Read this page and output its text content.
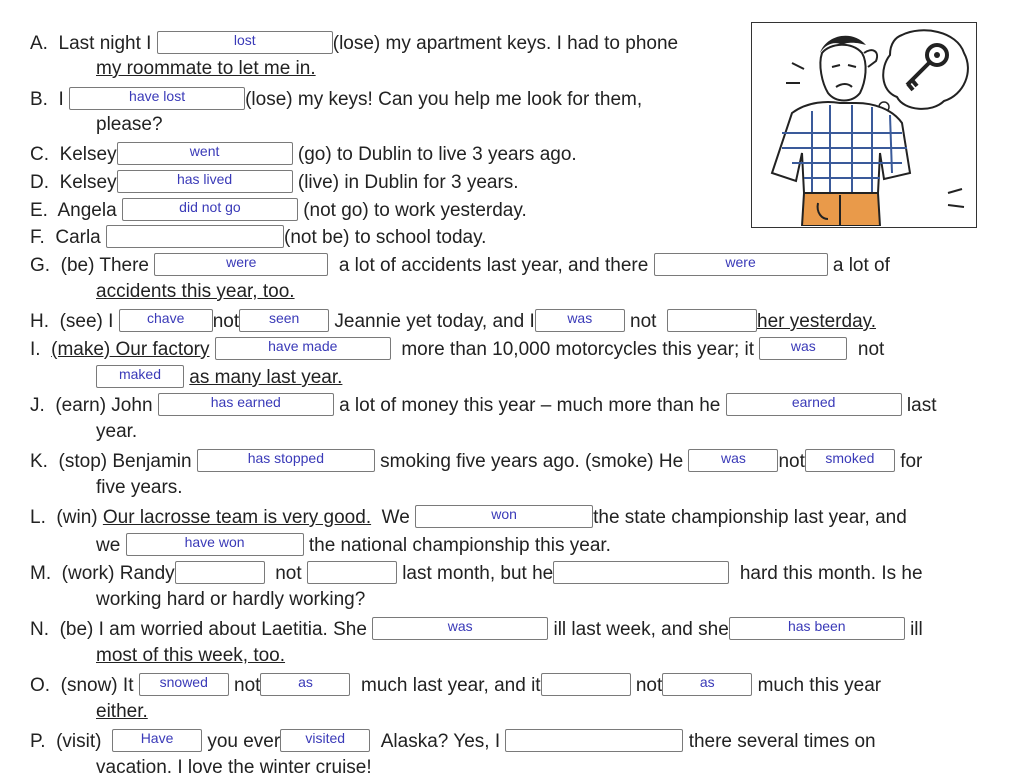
A. Last night I	lost	(lose) my apartment keys. I had to phone
my roommate to let me in.
B. I	have lost	(lose) my keys! Can you help me look for them,
please?
C. Kelsey	went	(go) to Dublin to live 3 years ago.
D. Kelsey	has lived	(live) in Dublin for 3 years.
E. Angela	did not go	(not go) to work yesterday.
F. Carla	(not be) to school today.
G. (be) There	were	a lot of accidents last year, and there	were	a lot of
accidents this year, too.
H. (see) I	chave	not	seen	Jeannie yet today, and I	was	not	her yesterday.
I. (make) Our factory	have made	more than 10,000 motorcycles this year; it	was	not
maked	as many last year.
J. (earn) John	has earned	a lot of money this year – much more than he	earned	last
year.
K. (stop) Benjamin	has stopped	smoking five years ago. (smoke) He	was	not	smoked	for
five years.
L. (win) Our lacrosse team is very good. We	won	the state championship last year, and
we	have won	the national championship this year.
M. (work) Randy	not	last month, but he	hard this month. Is he
working hard or hardly working?
N. (be) I am worried about Laetitia. She	was	ill last week, and she	has been	ill
most of this week, too.
O. (snow) It	snowed	not	as	much last year, and it	not	as	much this year
either.
P. (visit)	Have	you ever	visited	Alaska? Yes, I	there several times on
vacation. I love the winter cruise!
